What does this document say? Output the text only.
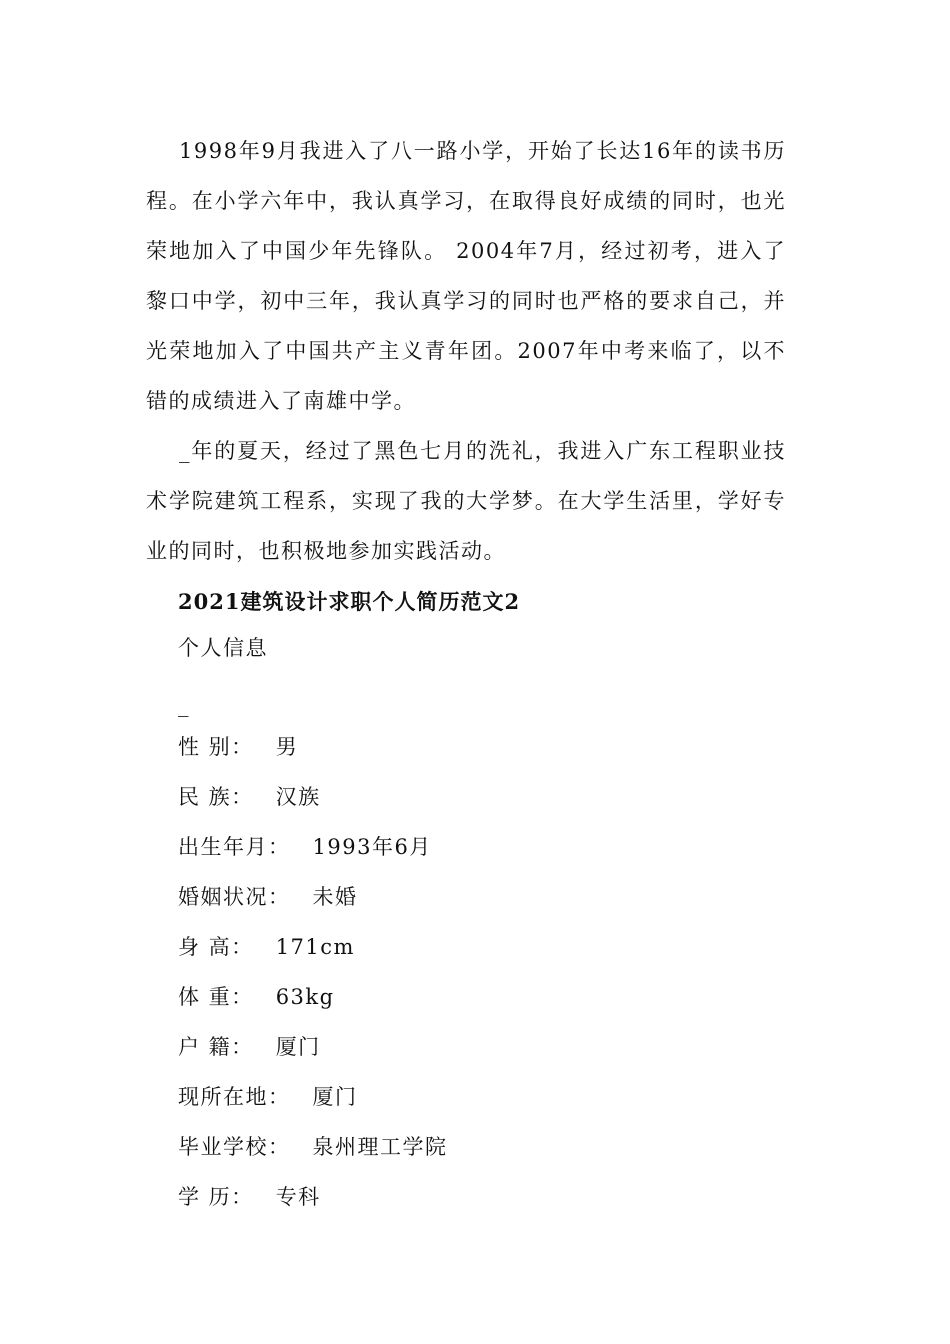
1998年9月我进入了八一路小学，开始了长达16年的读书历程。在小学六年中，我认真学习，在取得良好成绩的同时，也光荣地加入了中国少年先锋队。 2004年7月，经过初考，进入了黎口中学，初中三年，我认真学习的同时也严格的要求自己，并光荣地加入了中国共产主义青年团。2007年中考来临了，以不错的成绩进入了南雄中学。

_年的夏天，经过了黑色七月的洗礼，我进入广东工程职业技术学院建筑工程系，实现了我的大学梦。在大学生活里，学好专业的同时，也积极地参加实践活动。

2021建筑设计求职个人简历范文2

个人信息

_

性 别： 男
民 族： 汉族
出生年月： 1993年6月
婚姻状况： 未婚
身 高： 171cm
体 重： 63kg
户 籍： 厦门
现所在地： 厦门
毕业学校： 泉州理工学院
学 历： 专科
